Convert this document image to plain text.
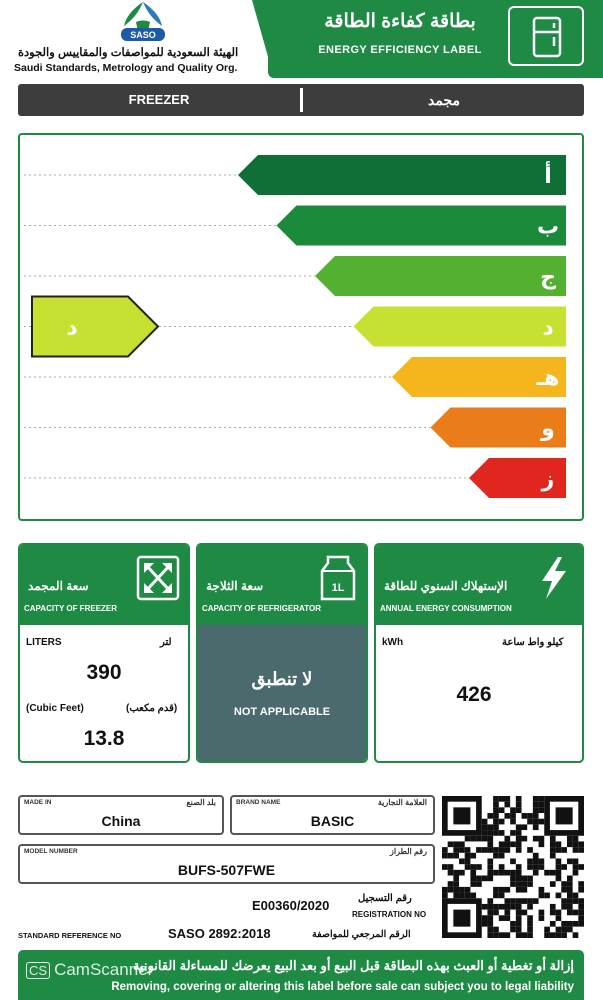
SASO
الهيئة السعودية للمواصفات والمقاييس والجودة
Saudi Standards, Metrology and Quality Org.
بطاقة كفاءة الطاقة
ENERGY EFFICIENCY LABEL
FREEZER	مجمد
أ
ب
ج
د
هـ
و
ز
د
سعة المجمد
CAPACITY OF FREEZER
LITERS	لتر
390
(Cubic Feet)	(قدم مكعب)
13.8
سعة الثلاجة
CAPACITY OF REFRIGERATOR
1L
لا تنطبق
NOT APPLICABLE
الإستهلاك السنوي للطاقة
ANNUAL ENERGY CONSUMPTION
kWh	كيلو واط ساعة
426
MADE IN	بلد الصنع
China
BRAND NAME	العلامة التجارية
BASIC
MODEL NUMBER	رقم الطراز
BUFS-507FWE
E00360/2020	رقم التسجيل
REGISTRATION NO
STANDARD REFERENCE NO	SASO 2892:2018	الرقم المرجعي للمواصفة
إزالة أو تغطية أو العبث بهذه البطاقة قبل البيع أو بعد البيع يعرضك للمساءلة القانونية
Removing, covering or altering this label before sale can subject you to legal liability
CS CamScanner
